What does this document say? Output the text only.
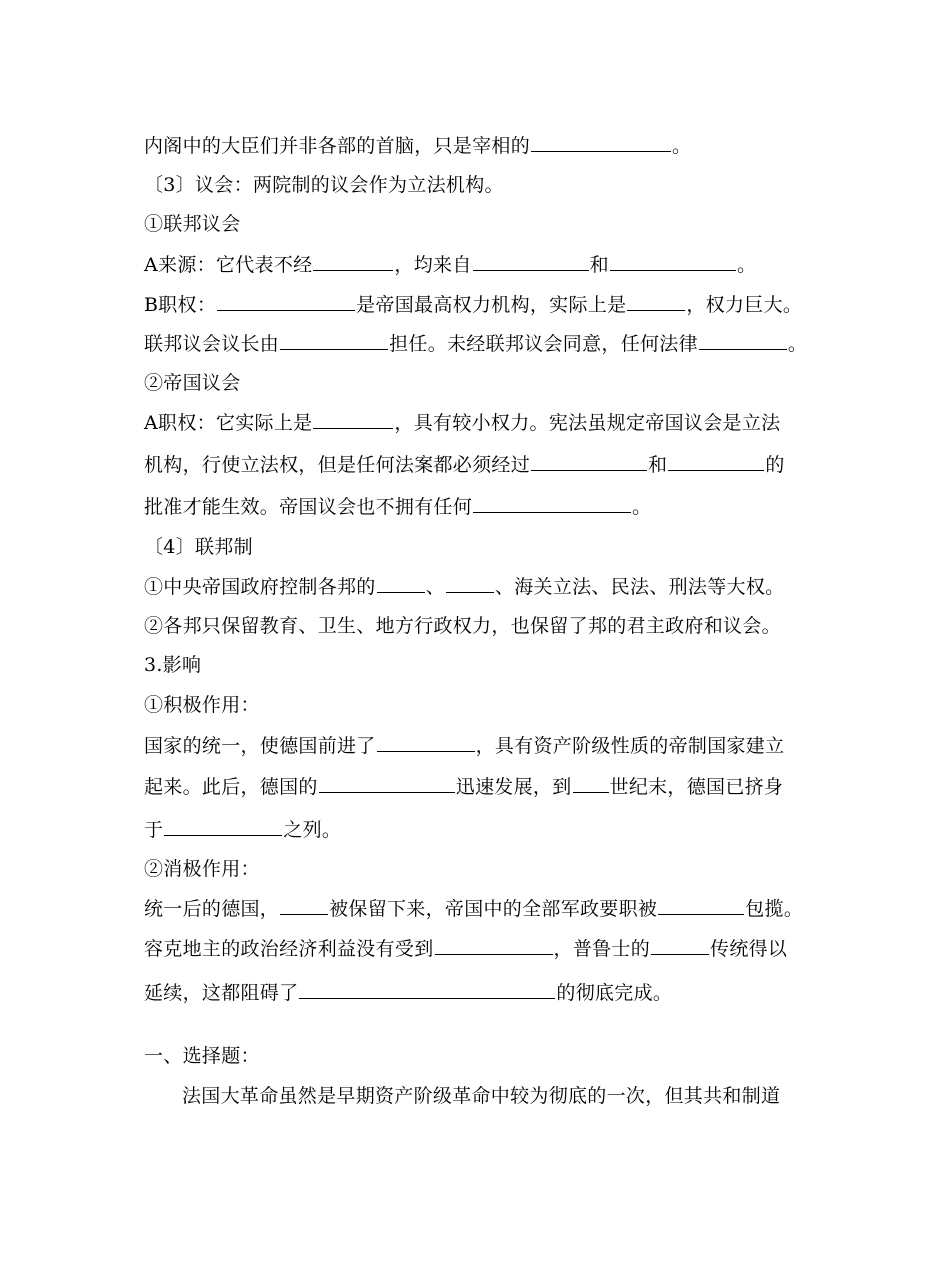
内阁中的大臣们并非各部的首脑，只是宰相的	。
〔3〕议会：两院制的议会作为立法机构。
①联邦议会
A来源：它代表不经	，均来自	和	。
B职权：	是帝国最高权力机构，实际上是	，权力巨大。
联邦议会议长由	担任。未经联邦议会同意，任何法律	。
②帝国议会
A职权：它实际上是	，具有较小权力。宪法虽规定帝国议会是立法
机构，行使立法权，但是任何法案都必须经过	和	的
批准才能生效。帝国议会也不拥有任何	。
〔4〕联邦制
①中央帝国政府控制各邦的	、	、海关立法、民法、刑法等大权。
②各邦只保留教育、卫生、地方行政权力，也保留了邦的君主政府和议会。
3.影响
①积极作用：
国家的统一，使德国前进了	，具有资产阶级性质的帝制国家建立
起来。此后，德国的	迅速发展，到 世纪末，德国已挤身
于	之列。
②消极作用：
统一后的德国，	被保留下来，帝国中的全部军政要职被	包揽。
容克地主的政治经济利益没有受到	，普鲁士的	传统得以
延续，这都阻碍了	的彻底完成。
一、选择题：
法国大革命虽然是早期资产阶级革命中较为彻底的一次，但其共和制道
